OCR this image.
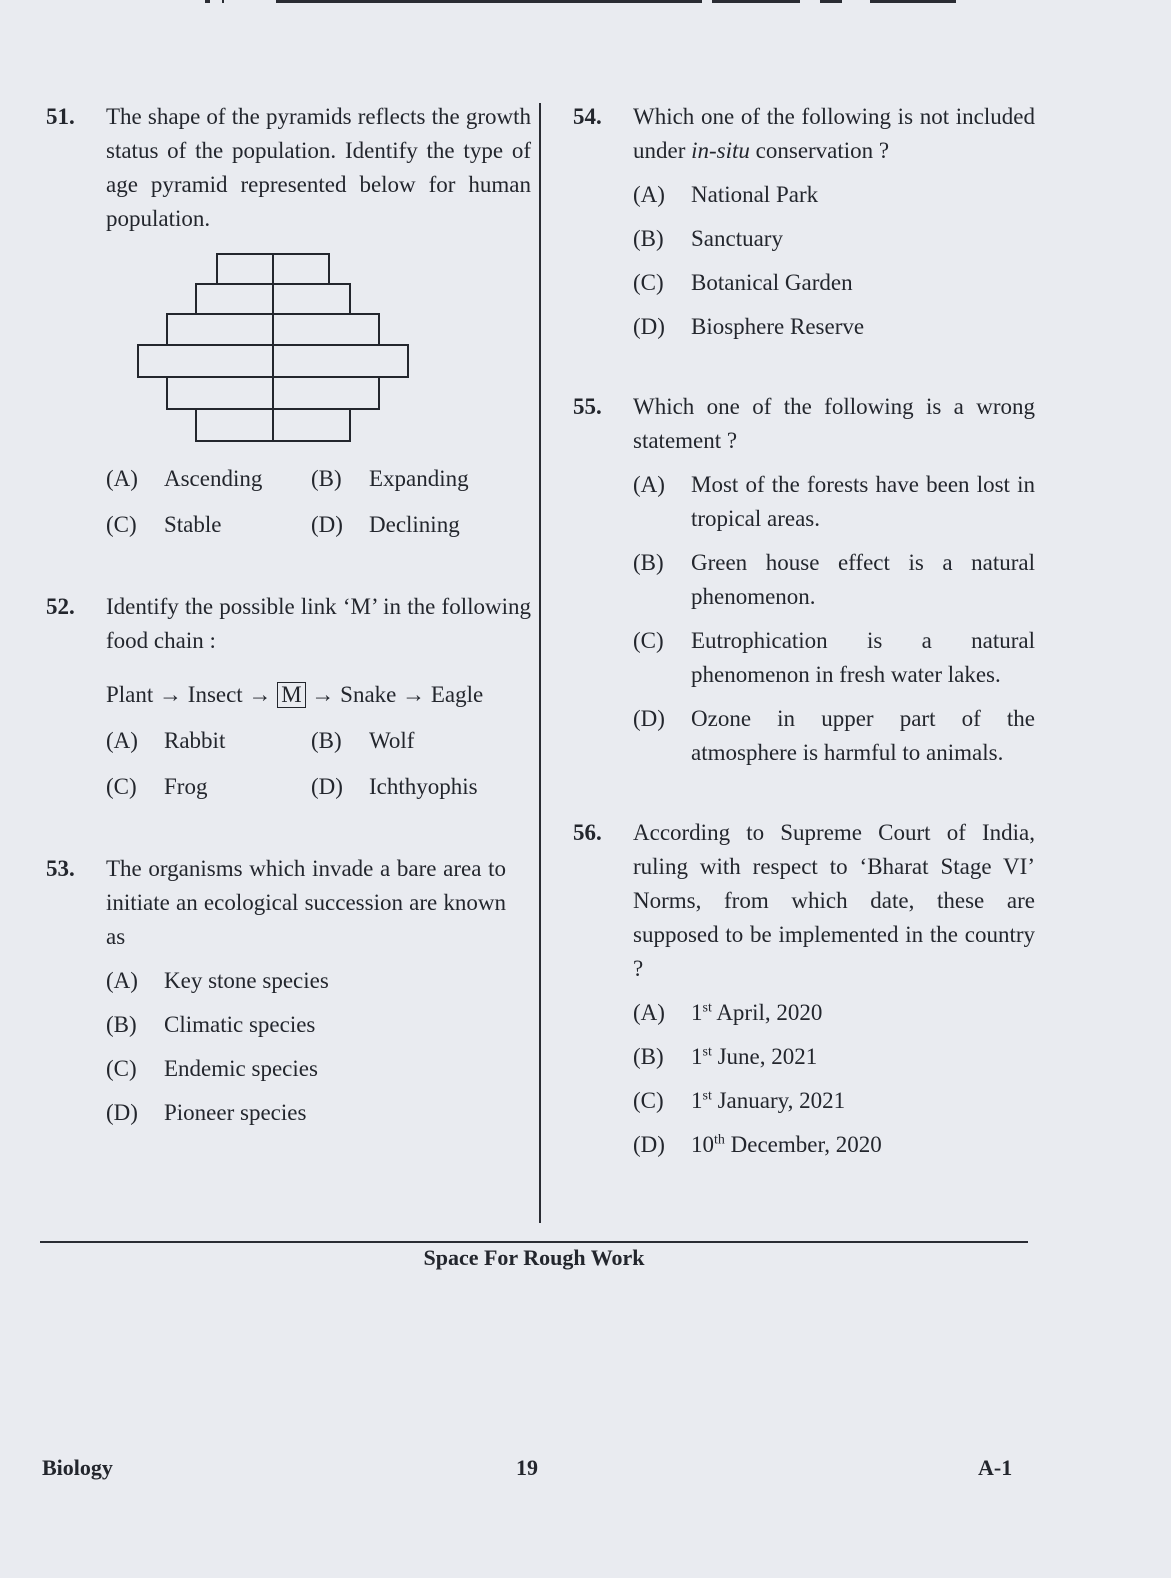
51.	The shape of the pyramids reflects the growth status of the population. Identify the type of age pyramid represented below for human population.
(A)	Ascending	(B)	Expanding
(C)	Stable	(D)	Declining
52.	Identify the possible link ‘M’ in the following food chain :
Plant → Insect → M → Snake → Eagle
(A)	Rabbit	(B)	Wolf
(C)	Frog	(D)	Ichthyophis
53.	The organisms which invade a bare area to initiate an ecological succession are known as
(A)	Key stone species
(B)	Climatic species
(C)	Endemic species
(D)	Pioneer species
54.	Which one of the following is not included under in-situ conservation ?
(A)	National Park
(B)	Sanctuary
(C)	Botanical Garden
(D)	Biosphere Reserve
55.	Which one of the following is a wrong statement ?
(A)	Most of the forests have been lost in tropical areas.
(B)	Green house effect is a natural phenomenon.
(C)	Eutrophication is a natural phenomenon in fresh water lakes.
(D)	Ozone in upper part of the atmosphere is harmful to animals.
56.	According to Supreme Court of India, ruling with respect to ‘Bharat Stage VI’ Norms, from which date, these are supposed to be implemented in the country ?
(A)	1st April, 2020
(B)	1st June, 2021
(C)	1st January, 2021
(D)	10th December, 2020
Space For Rough Work
Biology	19	A-1
